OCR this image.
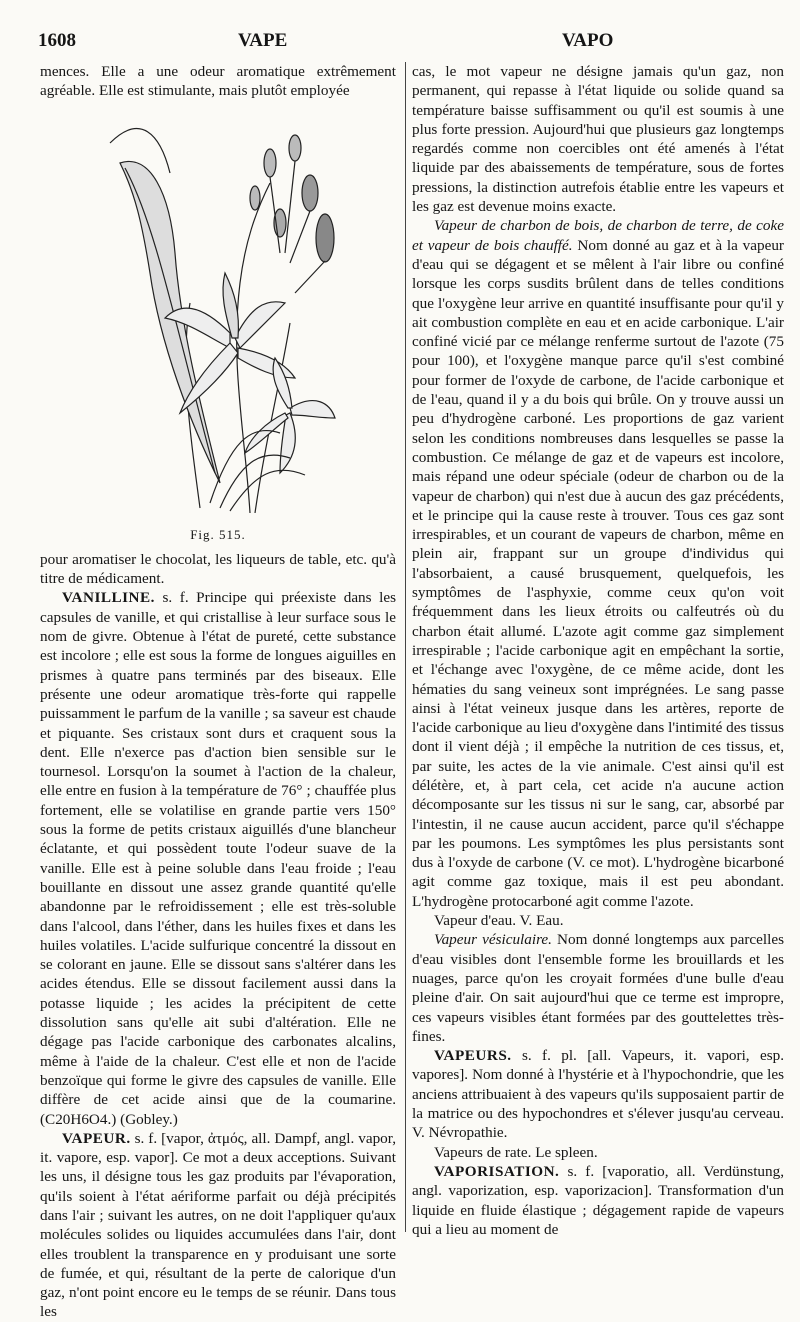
1608	VAPE	VAPO

mences. Elle a une odeur aromatique extrêmement agréable. Elle est stimulante, mais plutôt employée

Fig. 515.

pour aromatiser le chocolat, les liqueurs de table, etc. qu'à titre de médicament.

VANILLINE. s. f. Principe qui préexiste dans les capsules de vanille, et qui cristallise à leur surface sous le nom de givre. Obtenue à l'état de pureté, cette substance est incolore ; elle est sous la forme de longues aiguilles en prismes à quatre pans terminés par des biseaux. Elle présente une odeur aromatique très-forte qui rappelle puissamment le parfum de la vanille ; sa saveur est chaude et piquante. Ses cristaux sont durs et craquent sous la dent. Elle n'exerce pas d'action bien sensible sur le tournesol. Lorsqu'on la soumet à l'action de la chaleur, elle entre en fusion à la température de 76° ; chauffée plus fortement, elle se volatilise en grande partie vers 150° sous la forme de petits cristaux aiguillés d'une blancheur éclatante, et qui possèdent toute l'odeur suave de la vanille. Elle est à peine soluble dans l'eau froide ; l'eau bouillante en dissout une assez grande quantité qu'elle abandonne par le refroidissement ; elle est très-soluble dans l'alcool, dans l'éther, dans les huiles fixes et dans les huiles volatiles. L'acide sulfurique concentré la dissout en se colorant en jaune. Elle se dissout sans s'altérer dans les acides étendus. Elle se dissout facilement aussi dans la potasse liquide ; les acides la précipitent de cette dissolution sans qu'elle ait subi d'altération. Elle ne dégage pas l'acide carbonique des carbonates alcalins, même à l'aide de la chaleur. C'est elle et non de l'acide benzoïque qui forme le givre des capsules de vanille. Elle diffère de cet acide ainsi que de la coumarine. (C20H6O4.) (Gobley.)

VAPEUR. s. f. [vapor, ἀτμός, all. Dampf, angl. vapor, it. vapore, esp. vapor]. Ce mot a deux acceptions. Suivant les uns, il désigne tous les gaz produits par l'évaporation, qu'ils soient à l'état aériforme parfait ou déjà précipités dans l'air ; suivant les autres, on ne doit l'appliquer qu'aux molécules solides ou liquides accumulées dans l'air, dont elles troublent la transparence en y produisant une sorte de fumée, et qui, résultant de la perte de calorique d'un gaz, n'ont point encore eu le temps de se réunir. Dans tous les

cas, le mot vapeur ne désigne jamais qu'un gaz, non permanent, qui repasse à l'état liquide ou solide quand sa température baisse suffisamment ou qu'il est soumis à une plus forte pression. Aujourd'hui que plusieurs gaz longtemps regardés comme non coercibles ont été amenés à l'état liquide par des abaissements de température, sous de fortes pressions, la distinction autrefois établie entre les vapeurs et les gaz est devenue moins exacte.

Vapeur de charbon de bois, de charbon de terre, de coke et vapeur de bois chauffé. Nom donné au gaz et à la vapeur d'eau qui se dégagent et se mêlent à l'air libre ou confiné lorsque les corps susdits brûlent dans de telles conditions que l'oxygène leur arrive en quantité insuffisante pour qu'il y ait combustion complète en eau et en acide carbonique. L'air confiné vicié par ce mélange renferme surtout de l'azote (75 pour 100), et l'oxygène manque parce qu'il s'est combiné pour former de l'oxyde de carbone, de l'acide carbonique et de l'eau, quand il y a du bois qui brûle. On y trouve aussi un peu d'hydrogène carboné. Les proportions de gaz varient selon les conditions nombreuses dans lesquelles se passe la combustion. Ce mélange de gaz et de vapeurs est incolore, mais répand une odeur spéciale (odeur de charbon ou de la vapeur de charbon) qui n'est due à aucun des gaz précédents, et le principe qui la cause reste à trouver. Tous ces gaz sont irrespirables, et un courant de vapeurs de charbon, même en plein air, frappant sur un groupe d'individus qui l'absorbaient, a causé brusquement, quelquefois, les symptômes de l'asphyxie, comme ceux qu'on voit fréquemment dans les lieux étroits ou calfeutrés où du charbon était allumé. L'azote agit comme gaz simplement irrespirable ; l'acide carbonique agit en empêchant la sortie, et l'échange avec l'oxygène, de ce même acide, dont les hématies du sang veineux sont imprégnées. Le sang passe ainsi à l'état veineux jusque dans les artères, reporte de l'acide carbonique au lieu d'oxygène dans l'intimité des tissus dont il vient déjà ; il empêche la nutrition de ces tissus, et, par suite, les actes de la vie animale. C'est ainsi qu'il est délétère, et, à part cela, cet acide n'a aucune action décomposante sur les tissus ni sur le sang, car, absorbé par l'intestin, il ne cause aucun accident, parce qu'il s'échappe par les poumons. Les symptômes les plus persistants sont dus à l'oxyde de carbone (V. ce mot). L'hydrogène bicarboné agit comme gaz toxique, mais il est peu abondant. L'hydrogène protocarboné agit comme l'azote.

Vapeur d'eau. V. Eau.

Vapeur vésiculaire. Nom donné longtemps aux parcelles d'eau visibles dont l'ensemble forme les brouillards et les nuages, parce qu'on les croyait formées d'une bulle d'eau pleine d'air. On sait aujourd'hui que ce terme est impropre, ces vapeurs visibles étant formées par des gouttelettes très-fines.

VAPEURS. s. f. pl. [all. Vapeurs, it. vapori, esp. vapores]. Nom donné à l'hystérie et à l'hypochondrie, que les anciens attribuaient à des vapeurs qu'ils supposaient partir de la matrice ou des hypochondres et s'élever jusqu'au cerveau. V. Névropathie.

Vapeurs de rate. Le spleen.

VAPORISATION. s. f. [vaporatio, all. Verdünstung, angl. vaporization, esp. vaporizacion]. Transformation d'un liquide en fluide élastique ; dégagement rapide de vapeurs qui a lieu au moment de
